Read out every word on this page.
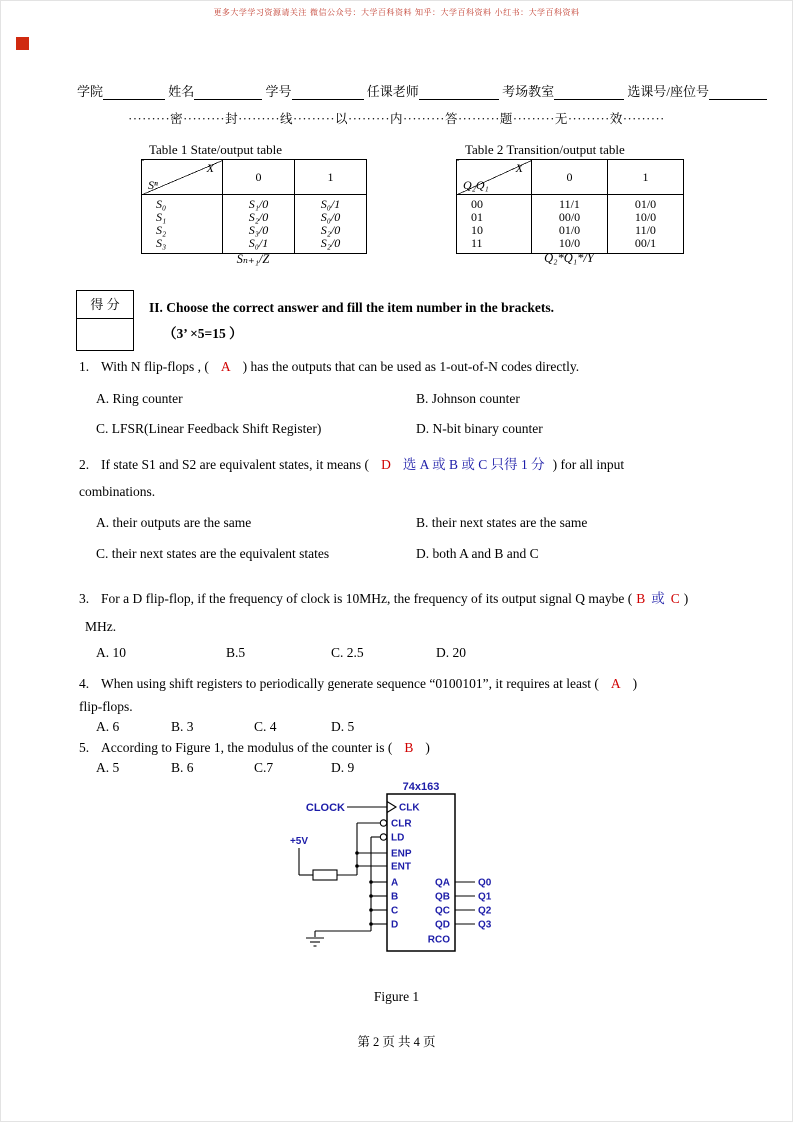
更多大学学习资源请关注 微信公众号：大学百科资料 知乎：大学百科资料 小红书：大学百科资料
学院	姓名	学号	任课老师	考场教室	选课号/座位号
·········密·········封·········线·········以·········内·········答·········题·········无·········效·········
Table 1 State/output table
X
Sⁿ	0	1
S₀	S₁/0	S₀/1
S₁	S₂/0	S₀/0
S₂	S₃/0	S₂/0
S₃	S₀/1	S₂/0
Sₙ₊₁/Z
Table 2 Transition/output table
X
Q₂Q₁	0	1
00	11/1	01/0
01	00/0	10/0
10	01/0	11/0
11	10/0	00/1
Q₂*Q₁*/Y
得 分	II. Choose the correct answer and fill the item number in the brackets.
（3’ ×5=15 ）
1. With N flip-flops , ( A ) has the outputs that can be used as 1-out-of-N codes directly.
A. Ring counter	B. Johnson counter
C. LFSR(Linear Feedback Shift Register)	D. N-bit binary counter
2. If state S1 and S2 are equivalent states, it means ( D 选 A 或 B 或 C 只得 1 分 ) for all input
combinations.
A. their outputs are the same	B. their next states are the same
C. their next states are the equivalent states	D. both A and B and C
3. For a D flip-flop, if the frequency of clock is 10MHz, the frequency of its output signal Q maybe ( B 或 C )
MHz.
A. 10	B.5	C. 2.5	D. 20
4. When using shift registers to periodically generate sequence “0100101”, it requires at least ( A )
flip-flops.
A. 6	B. 3	C. 4	D. 5
5. According to Figure 1, the modulus of the counter is ( B )
A. 5	B. 6	C.7	D. 9
74x163
CLOCK	CLK
CLR
LD
ENP
ENT
+5V
A
B
C
D
QA	Q0
QB	Q1
QC	Q2
QD	Q3
RCO
Figure 1
第 2 页 共 4 页
